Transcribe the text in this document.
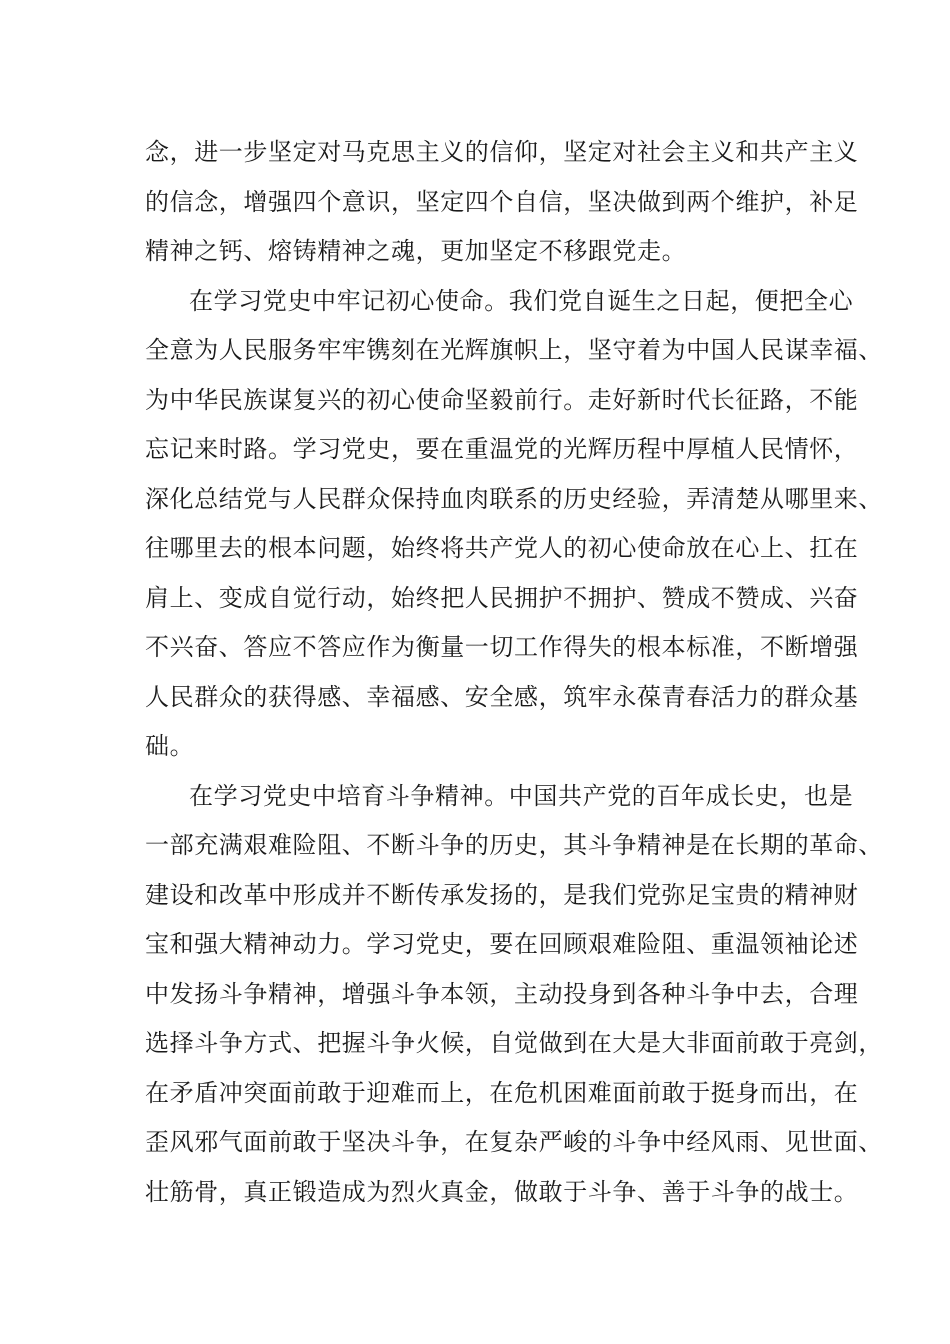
念，进一步坚定对马克思主义的信仰，坚定对社会主义和共产主义
的信念，增强四个意识，坚定四个自信，坚决做到两个维护，补足
精神之钙、熔铸精神之魂，更加坚定不移跟党走。
在学习党史中牢记初心使命。我们党自诞生之日起，便把全心
全意为人民服务牢牢镌刻在光辉旗帜上，坚守着为中国人民谋幸福、
为中华民族谋复兴的初心使命坚毅前行。走好新时代长征路，不能
忘记来时路。学习党史，要在重温党的光辉历程中厚植人民情怀，
深化总结党与人民群众保持血肉联系的历史经验，弄清楚从哪里来、
往哪里去的根本问题，始终将共产党人的初心使命放在心上、扛在
肩上、变成自觉行动，始终把人民拥护不拥护、赞成不赞成、兴奋
不兴奋、答应不答应作为衡量一切工作得失的根本标准，不断增强
人民群众的获得感、幸福感、安全感，筑牢永葆青春活力的群众基
础。
在学习党史中培育斗争精神。中国共产党的百年成长史，也是
一部充满艰难险阻、不断斗争的历史，其斗争精神是在长期的革命、
建设和改革中形成并不断传承发扬的，是我们党弥足宝贵的精神财
宝和强大精神动力。学习党史，要在回顾艰难险阻、重温领袖论述
中发扬斗争精神，增强斗争本领，主动投身到各种斗争中去，合理
选择斗争方式、把握斗争火候，自觉做到在大是大非面前敢于亮剑，
在矛盾冲突面前敢于迎难而上，在危机困难面前敢于挺身而出，在
歪风邪气面前敢于坚决斗争，在复杂严峻的斗争中经风雨、见世面、
壮筋骨，真正锻造成为烈火真金，做敢于斗争、善于斗争的战士。
